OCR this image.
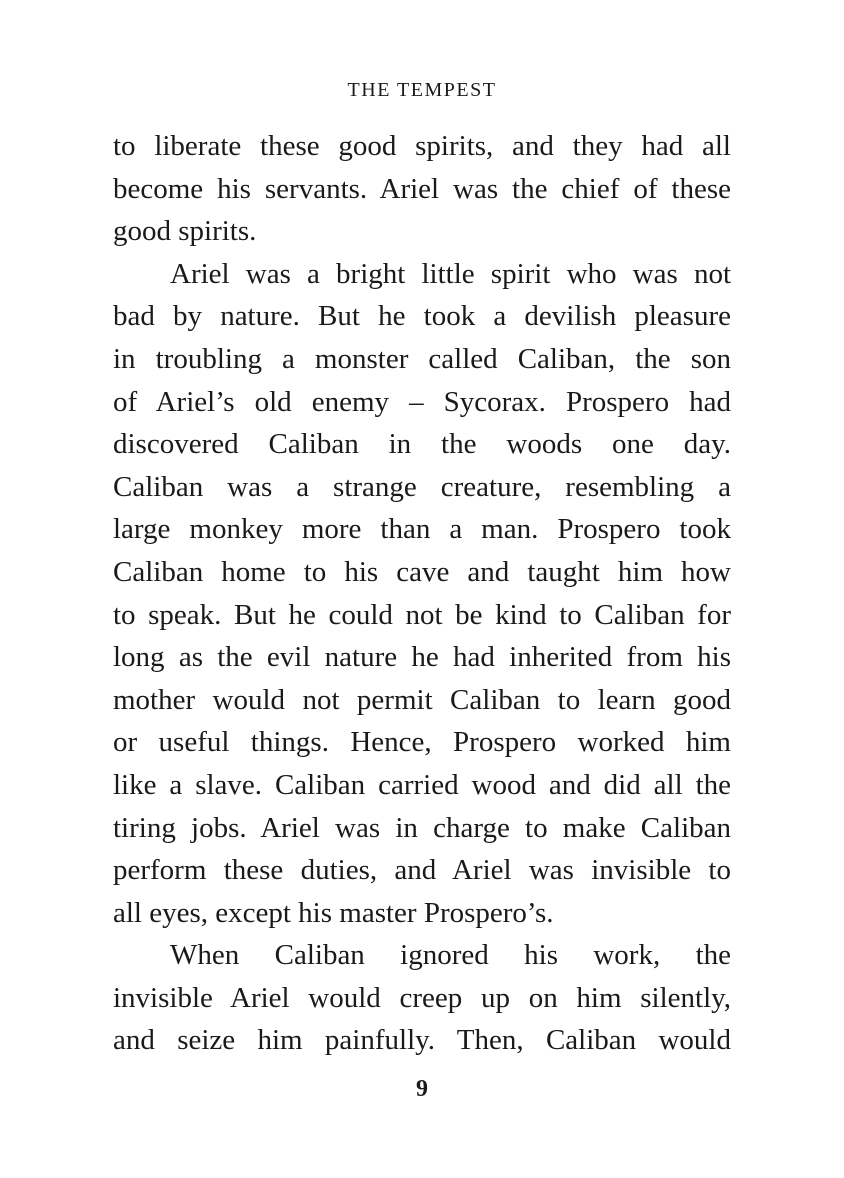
THE TEMPEST

to liberate these good spirits, and they had all
become his servants. Ariel was the chief of these
good spirits.
Ariel was a bright little spirit who was not
bad by nature. But he took a devilish pleasure
in troubling a monster called Caliban, the son
of Ariel’s old enemy – Sycorax. Prospero had
discovered Caliban in the woods one day.
Caliban was a strange creature, resembling a
large monkey more than a man. Prospero took
Caliban home to his cave and taught him how
to speak. But he could not be kind to Caliban for
long as the evil nature he had inherited from his
mother would not permit Caliban to learn good
or useful things. Hence, Prospero worked him
like a slave. Caliban carried wood and did all the
tiring jobs. Ariel was in charge to make Caliban
perform these duties, and Ariel was invisible to
all eyes, except his master Prospero’s.
When Caliban ignored his work, the
invisible Ariel would creep up on him silently,
and seize him painfully. Then, Caliban would

9
